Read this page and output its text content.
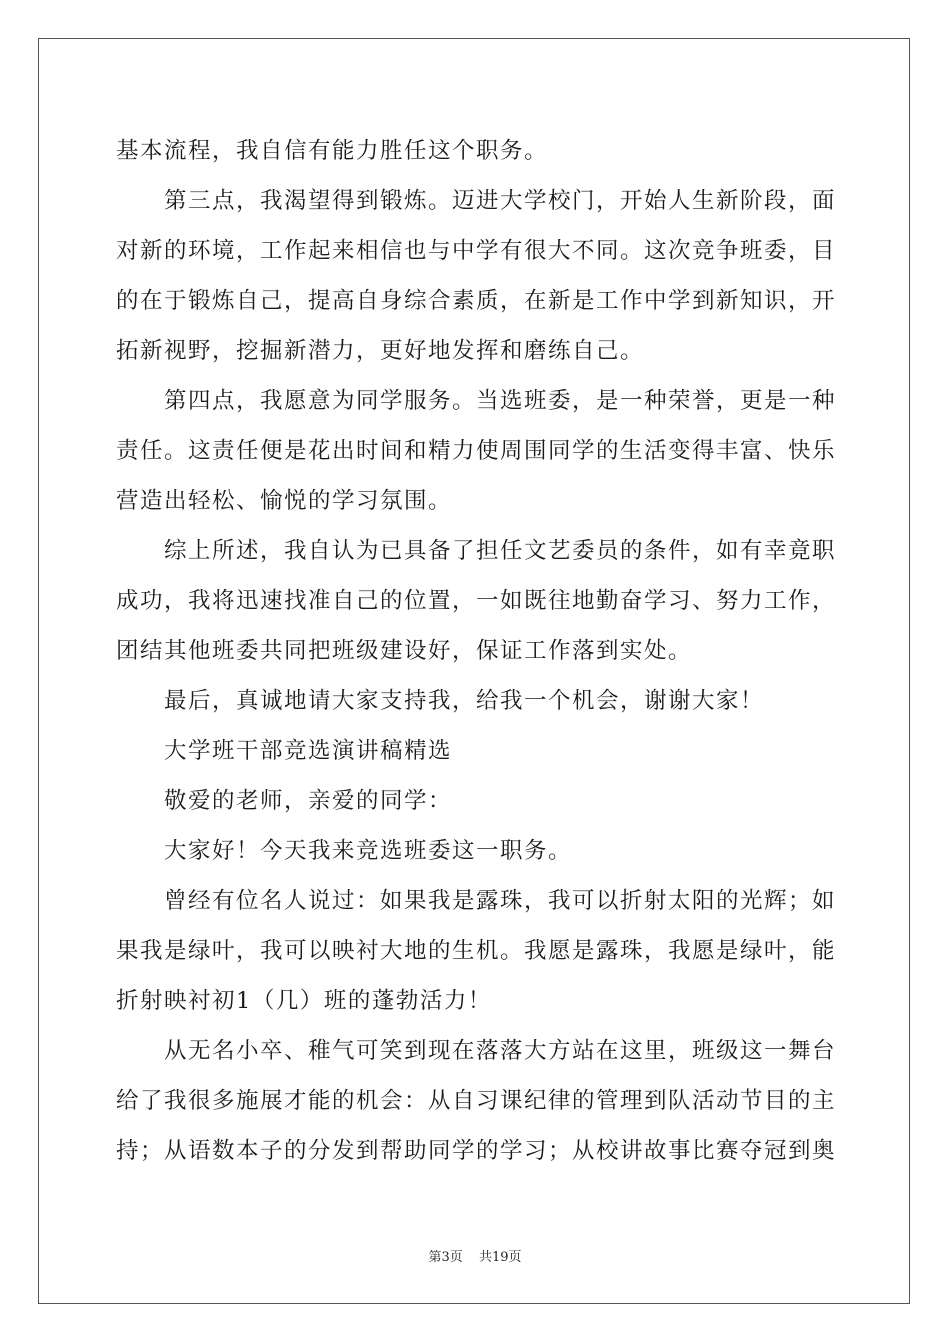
基本流程，我自信有能力胜任这个职务。
第三点，我渴望得到锻炼。迈进大学校门，开始人生新阶段，面
对新的环境，工作起来相信也与中学有很大不同。这次竞争班委，目
的在于锻炼自己，提高自身综合素质，在新是工作中学到新知识，开
拓新视野，挖掘新潜力，更好地发挥和磨练自己。
第四点，我愿意为同学服务。当选班委，是一种荣誉，更是一种
责任。这责任便是花出时间和精力使周围同学的生活变得丰富、快乐
营造出轻松、愉悦的学习氛围。
综上所述，我自认为已具备了担任文艺委员的条件，如有幸竟职
成功，我将迅速找准自己的位置，一如既往地勤奋学习、努力工作，
团结其他班委共同把班级建设好，保证工作落到实处。
最后，真诚地请大家支持我，给我一个机会，谢谢大家！
大学班干部竞选演讲稿精选
敬爱的老师，亲爱的同学：
大家好！今天我来竞选班委这一职务。
曾经有位名人说过：如果我是露珠，我可以折射太阳的光辉；如
果我是绿叶，我可以映衬大地的生机。我愿是露珠，我愿是绿叶，能
折射映衬初1（几）班的蓬勃活力！
从无名小卒、稚气可笑到现在落落大方站在这里，班级这一舞台
给了我很多施展才能的机会：从自习课纪律的管理到队活动节目的主
持；从语数本子的分发到帮助同学的学习；从校讲故事比赛夺冠到奥
第3页 共19页
